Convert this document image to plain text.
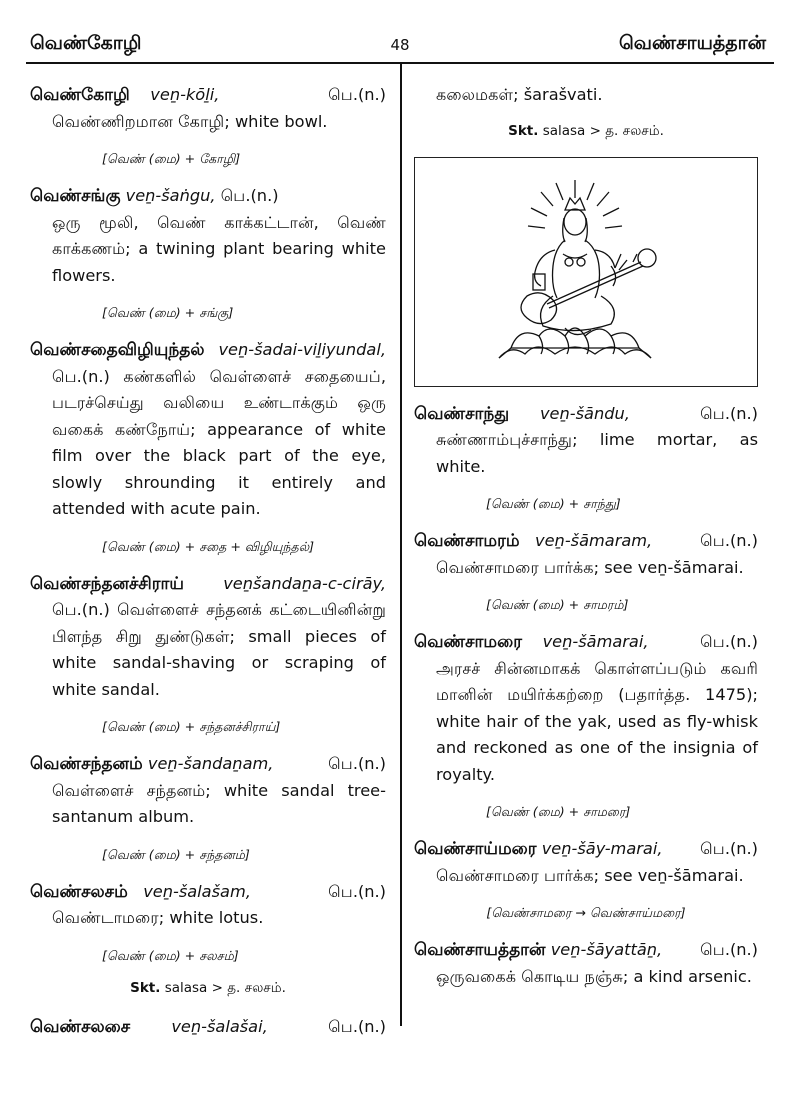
வெண்கோழி	48	வெண்சாயத்தான்
வெண்கோழி veṉ-kōḻi,	பெ.(n.)
வெண்ணிறமான கோழி; white bowl.
[வெண் (மை) + கோழி]
வெண்சங்கு veṉ-šaṅgu, பெ.(n.)
ஒரு மூலி, வெண் காக்கட்டான், வெண் காக்கணம்; a twining plant bearing white flowers.
[வெண் (மை) + சங்கு]
வெண்சதைவிழியுந்தல் veṉ-šadai-viḻiyundal,
பெ.(n.) கண்களில் வெள்ளைச் சதையைப், படரச்செய்து வலியை உண்டாக்கும் ஒரு வகைக் கண்நோய்; appearance of white film over the black part of the eye, slowly shrounding it entirely and attended with acute pain.
[வெண் (மை) + சதை + விழியுந்தல்]
வெண்சந்தனச்சிராய் veṉšandaṉa-c-cirāy,
பெ.(n.) வெள்ளைச் சந்தனக் கட்டையினின்று பிளந்த சிறு துண்டுகள்; small pieces of white sandal-shaving or scraping of white sandal.
[வெண் (மை) + சந்தனச்சிராய்]
வெண்சந்தனம் veṉ-šandaṉam,	பெ.(n.)
வெள்ளைச் சந்தனம்; white sandal tree-santanum album.
[வெண் (மை) + சந்தனம்]
வெண்சலசம் veṉ-šalašam,	பெ.(n.)
வெண்டாமரை; white lotus.
[வெண் (மை) + சலசம்]
Skt. salasa > த. சலசம்.
வெண்சலசை	veṉ-šalašai,	பெ.(n.)
கலைமகள்; šarašvati.
Skt. salasa > த. சலசம்.
வெண்சாந்து veṉ-šāndu,	பெ.(n.)
சுண்ணாம்புச்சாந்து; lime mortar, as white.
[வெண் (மை) + சாந்து]
வெண்சாமரம் veṉ-šāmaram,	பெ.(n.)
வெண்சாமரை பார்க்க; see veṉ-šāmarai.
[வெண் (மை) + சாமரம்]
வெண்சாமரை veṉ-šāmarai,	பெ.(n.)
அரசச் சின்னமாகக் கொள்ளப்படும் கவரி மானின் மயிர்க்கற்றை (பதார்த்த. 1475); white hair of the yak, used as fly-whisk and reckoned as one of the insignia of royalty.
[வெண் (மை) + சாமரை]
வெண்சாய்மரை veṉ-šāy-marai, பெ.(n.)
வெண்சாமரை பார்க்க; see veṉ-šāmarai.
[வெண்சாமரை → வெண்சாய்மரை]
வெண்சாயத்தான் veṉ-šāyattāṉ, பெ.(n.)
ஒருவகைக் கொடிய நஞ்சு; a kind arsenic.
